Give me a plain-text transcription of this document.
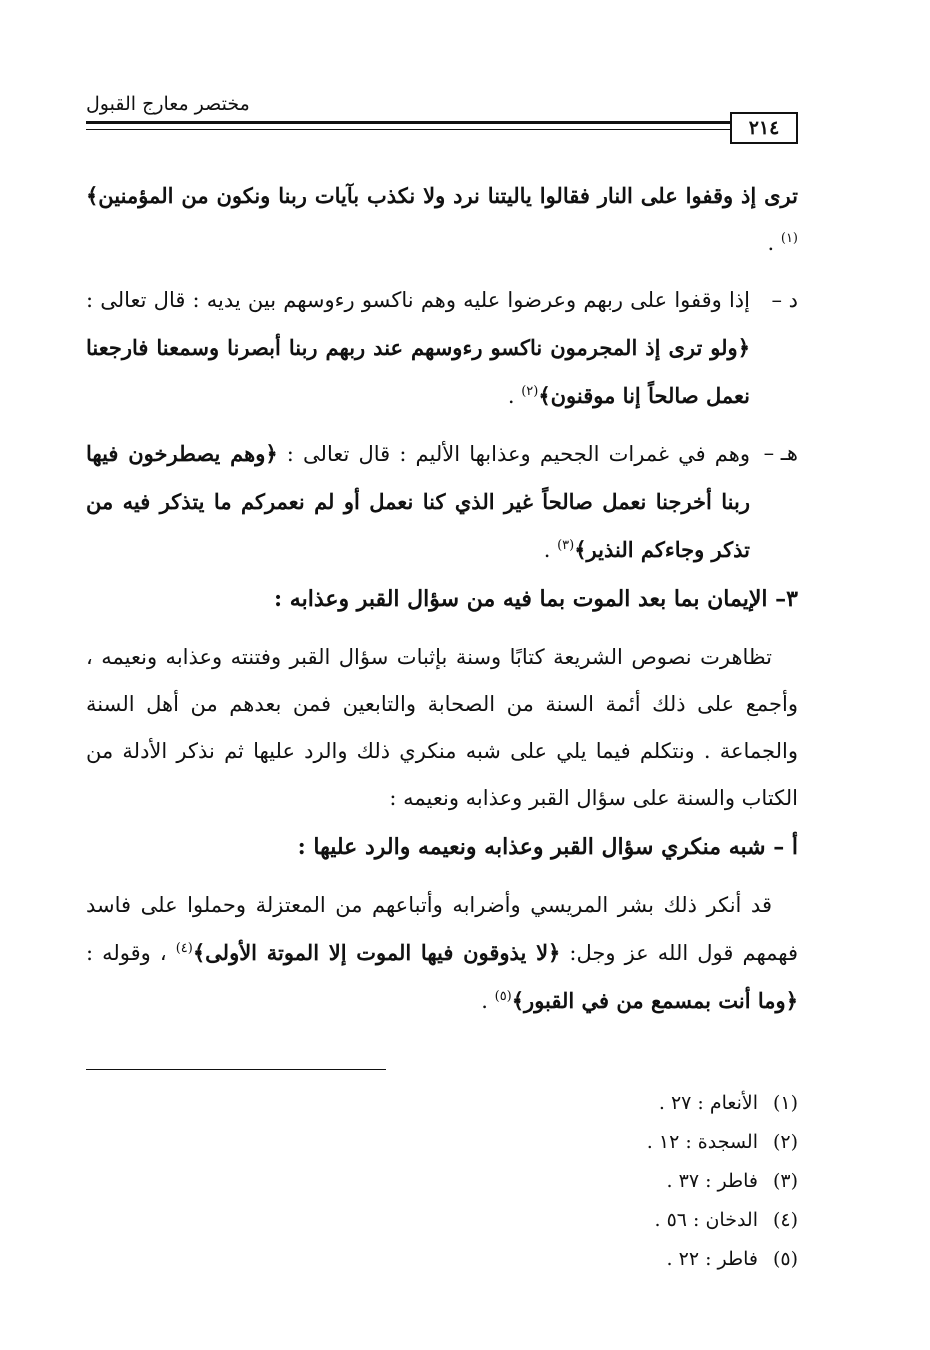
مختصر معارج القبول
٢١٤

ترى إذ وقفوا على النار فقالوا ياليتنا نرد ولا نكذب بآيات ربنا ونكون من المؤمنين﴾$^{(١)}$ .

د –
إذا وقفوا على ربهم وعرضوا عليه وهم ناكسو رءوسهم بين يديه : قال تعالى : ﴿ولو ترى إذ المجرمون ناكسو رءوسهم عند ربهم ربنا أبصرنا وسمعنا فارجعنا نعمل صالحاً إنا موقنون﴾$^{(٢)}$ .
هـ –
وهم في غمرات الجحيم وعذابها الأليم : قال تعالى : ﴿وهم يصطرخون فيها ربنا أخرجنا نعمل صالحاً غير الذي كنا نعمل أو لم نعمركم ما يتذكر فيه من تذكر وجاءكم النذير﴾$^{(٣)}$ .

٣– الإيمان بما بعد الموت بما فيه من سؤال القبر وعذابه :

تظاهرت نصوص الشريعة كتابًا وسنة بإثبات سؤال القبر وفتنته وعذابه ونعيمه ، وأجمع على ذلك أئمة السنة من الصحابة والتابعين فمن بعدهم من أهل السنة والجماعة . ونتكلم فيما يلي على شبه منكري ذلك والرد عليها ثم نذكر الأدلة من الكتاب والسنة على سؤال القبر وعذابه ونعيمه :

أ – شبه منكري سؤال القبر وعذابه ونعيمه والرد عليها :

قد أنكر ذلك بشر المريسي وأضرابه وأتباعهم من المعتزلة وحملوا على فاسد فهمهم قول الله عز وجل: ﴿لا يذوقون فيها الموت إلا الموتة الأولى﴾$^{(٤)}$ ، وقوله : ﴿وما أنت بمسمع من في القبور﴾$^{(٥)}$ .

(١)الأنعام : ٢٧ .
(٢)السجدة : ١٢ .
(٣)فاطر : ٣٧ .
(٤)الدخان : ٥٦ .
(٥)فاطر : ٢٢ .
